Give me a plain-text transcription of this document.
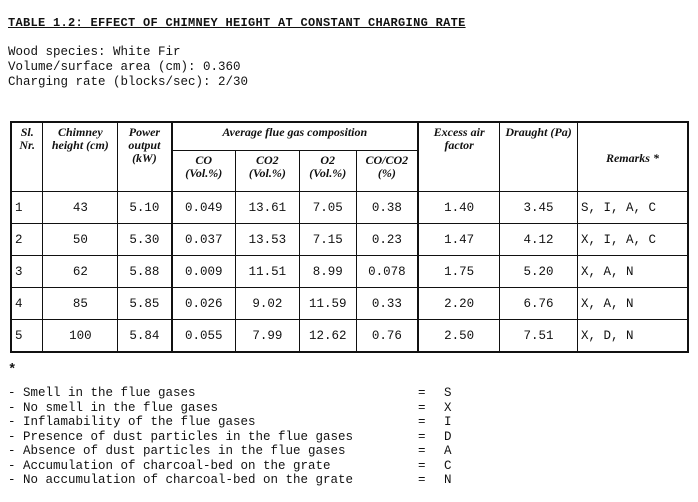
TABLE 1.2: EFFECT OF CHIMNEY HEIGHT AT CONSTANT CHARGING RATE
Wood species: White Fir
Volume/surface area (cm): 0.360
Charging rate (blocks/sec): 2/30
Sl. Nr.	Chimney height (cm)	Power output (kW)	Average flue gas composition				Excess air factor	Draught (Pa)	Remarks *
			CO (Vol.%)	CO2 (Vol.%)	O2 (Vol.%)	CO/CO2 (%)			
1	43	5.10	0.049	13.61	7.05	0.38	1.40	3.45	S, I, A, C
2	50	5.30	0.037	13.53	7.15	0.23	1.47	4.12	X, I, A, C
3	62	5.88	0.009	11.51	8.99	0.078	1.75	5.20	X, A, N
4	85	5.85	0.026	9.02	11.59	0.33	2.20	6.76	X, A, N
5	100	5.84	0.055	7.99	12.62	0.76	2.50	7.51	X, D, N
*
- Smell in the flue gases	=	S
- No smell in the flue gases	=	X
- Inflamability of the flue gases	=	I
- Presence of dust particles in the flue gases	=	D
- Absence of dust particles in the flue gases	=	A
- Accumulation of charcoal-bed on the grate	=	C
- No accumulation of charcoal-bed on the grate	=	N
